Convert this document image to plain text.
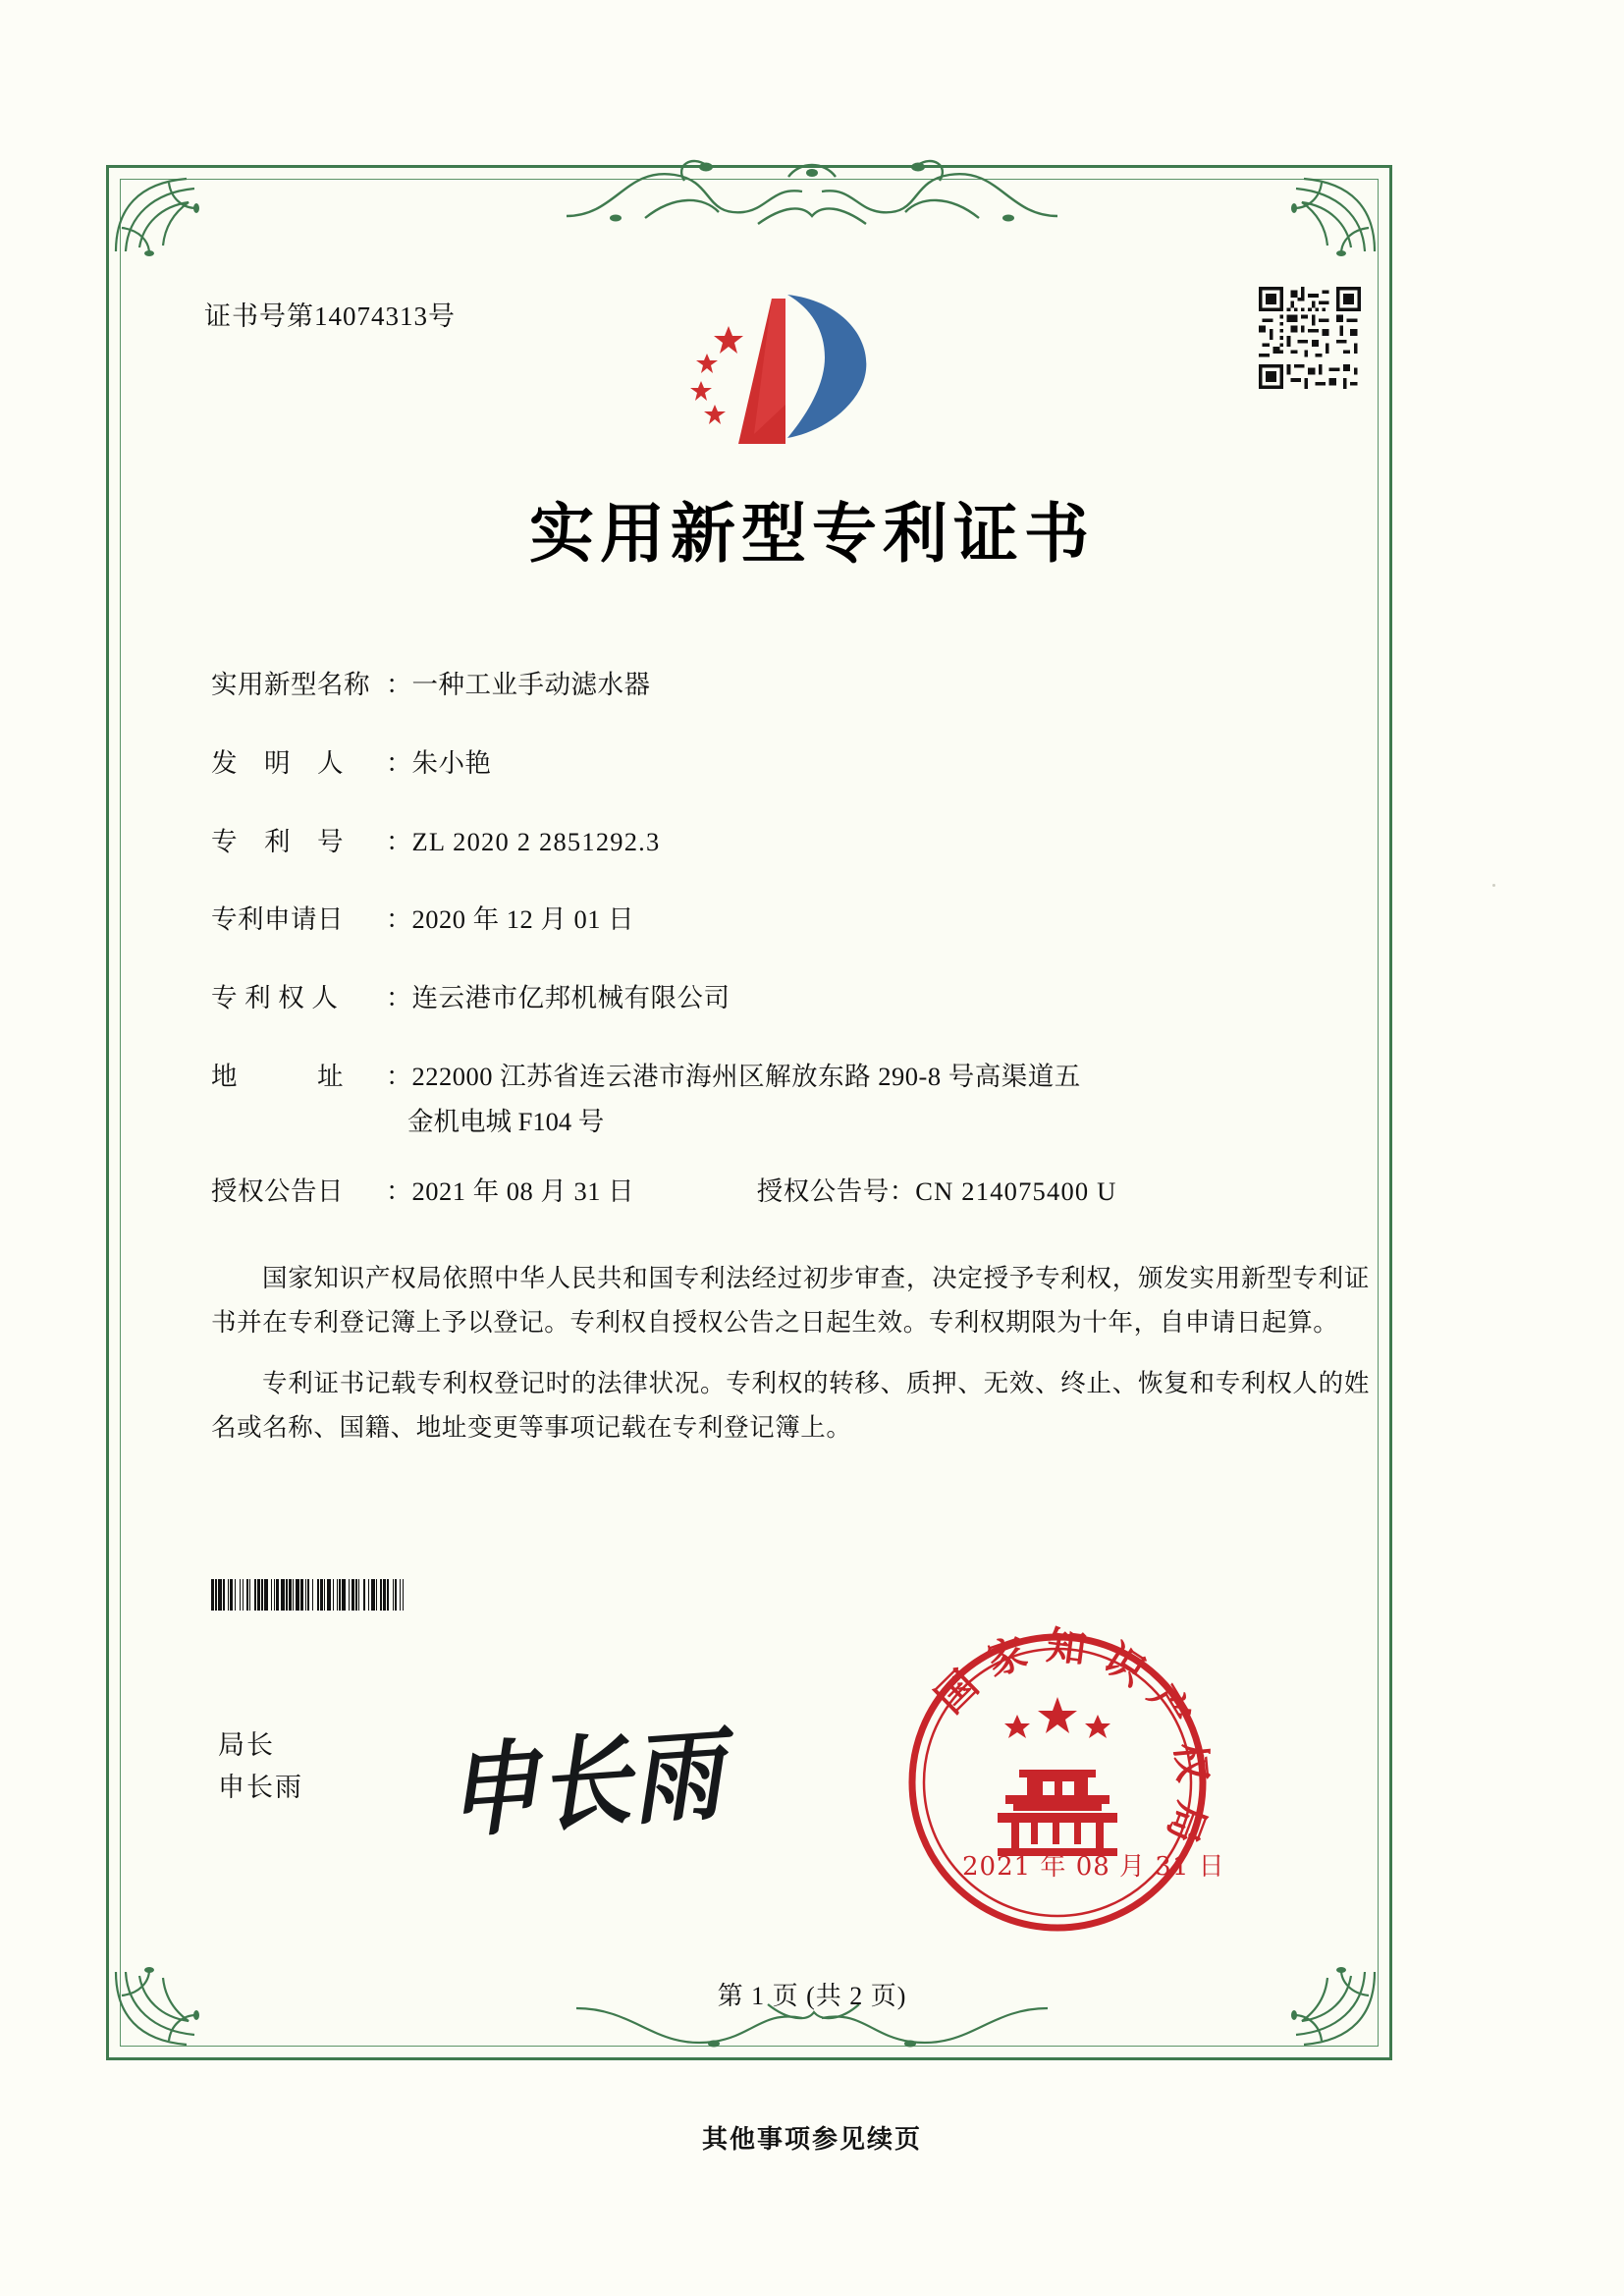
证书号第14074313号
实用新型专利证书
实用新型名称 ：一种工业手动滤水器
发　明　人 ：朱小艳
专　利　号 ：ZL 2020 2 2851292.3
专利申请日 ：2020 年 12 月 01 日
专 利 权 人 ：连云港市亿邦机械有限公司
地　　　址 ：222000 江苏省连云港市海州区解放东路 290-8 号高渠道五
金机电城 F104 号
授权公告日 ：2021 年 08 月 31 日	授权公告号：CN 214075400 U

国家知识产权局依照中华人民共和国专利法经过初步审查，决定授予专利权，颁发实用新型专利证书并在专利登记簿上予以登记。专利权自授权公告之日起生效。专利权期限为十年，自申请日起算。

专利证书记载专利权登记时的法律状况。专利权的转移、质押、无效、终止、恢复和专利权人的姓名或名称、国籍、地址变更等事项记载在专利登记簿上。

局长
申长雨 申长雨
国家知识产权局
2021 年 08 月 31 日
第 1 页 (共 2 页)
其他事项参见续页
